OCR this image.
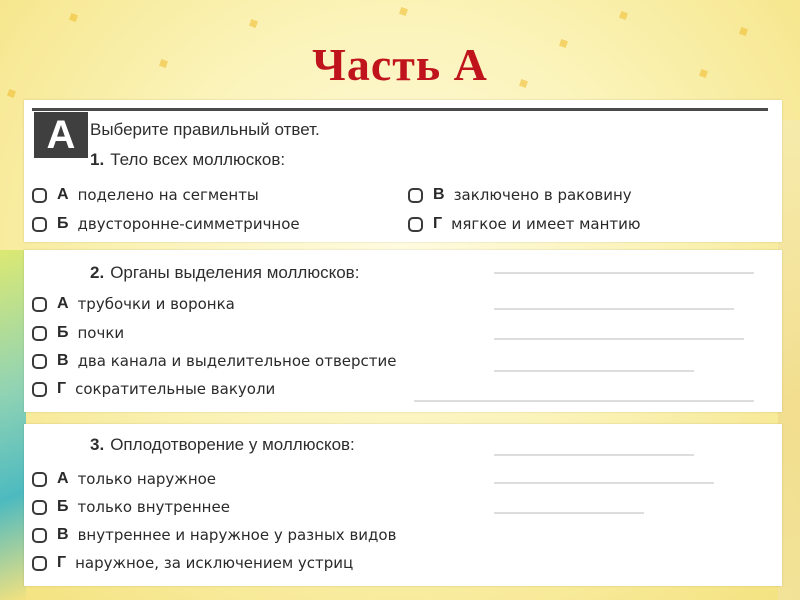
Часть А
A Выберите правильный ответ.
1. Тело всех моллюсков:
А поделено на сегменты
Б двусторонне-симметричное
В заключено в раковину
Г мягкое и имеет мантию
2. Органы выделения моллюсков:
А трубочки и воронка
Б почки
В два канала и выделительное отверстие
Г сократительные вакуоли
3. Оплодотворение у моллюсков:
А только наружное
Б только внутреннее
В внутреннее и наружное у разных видов
Г наружное, за исключением устриц
